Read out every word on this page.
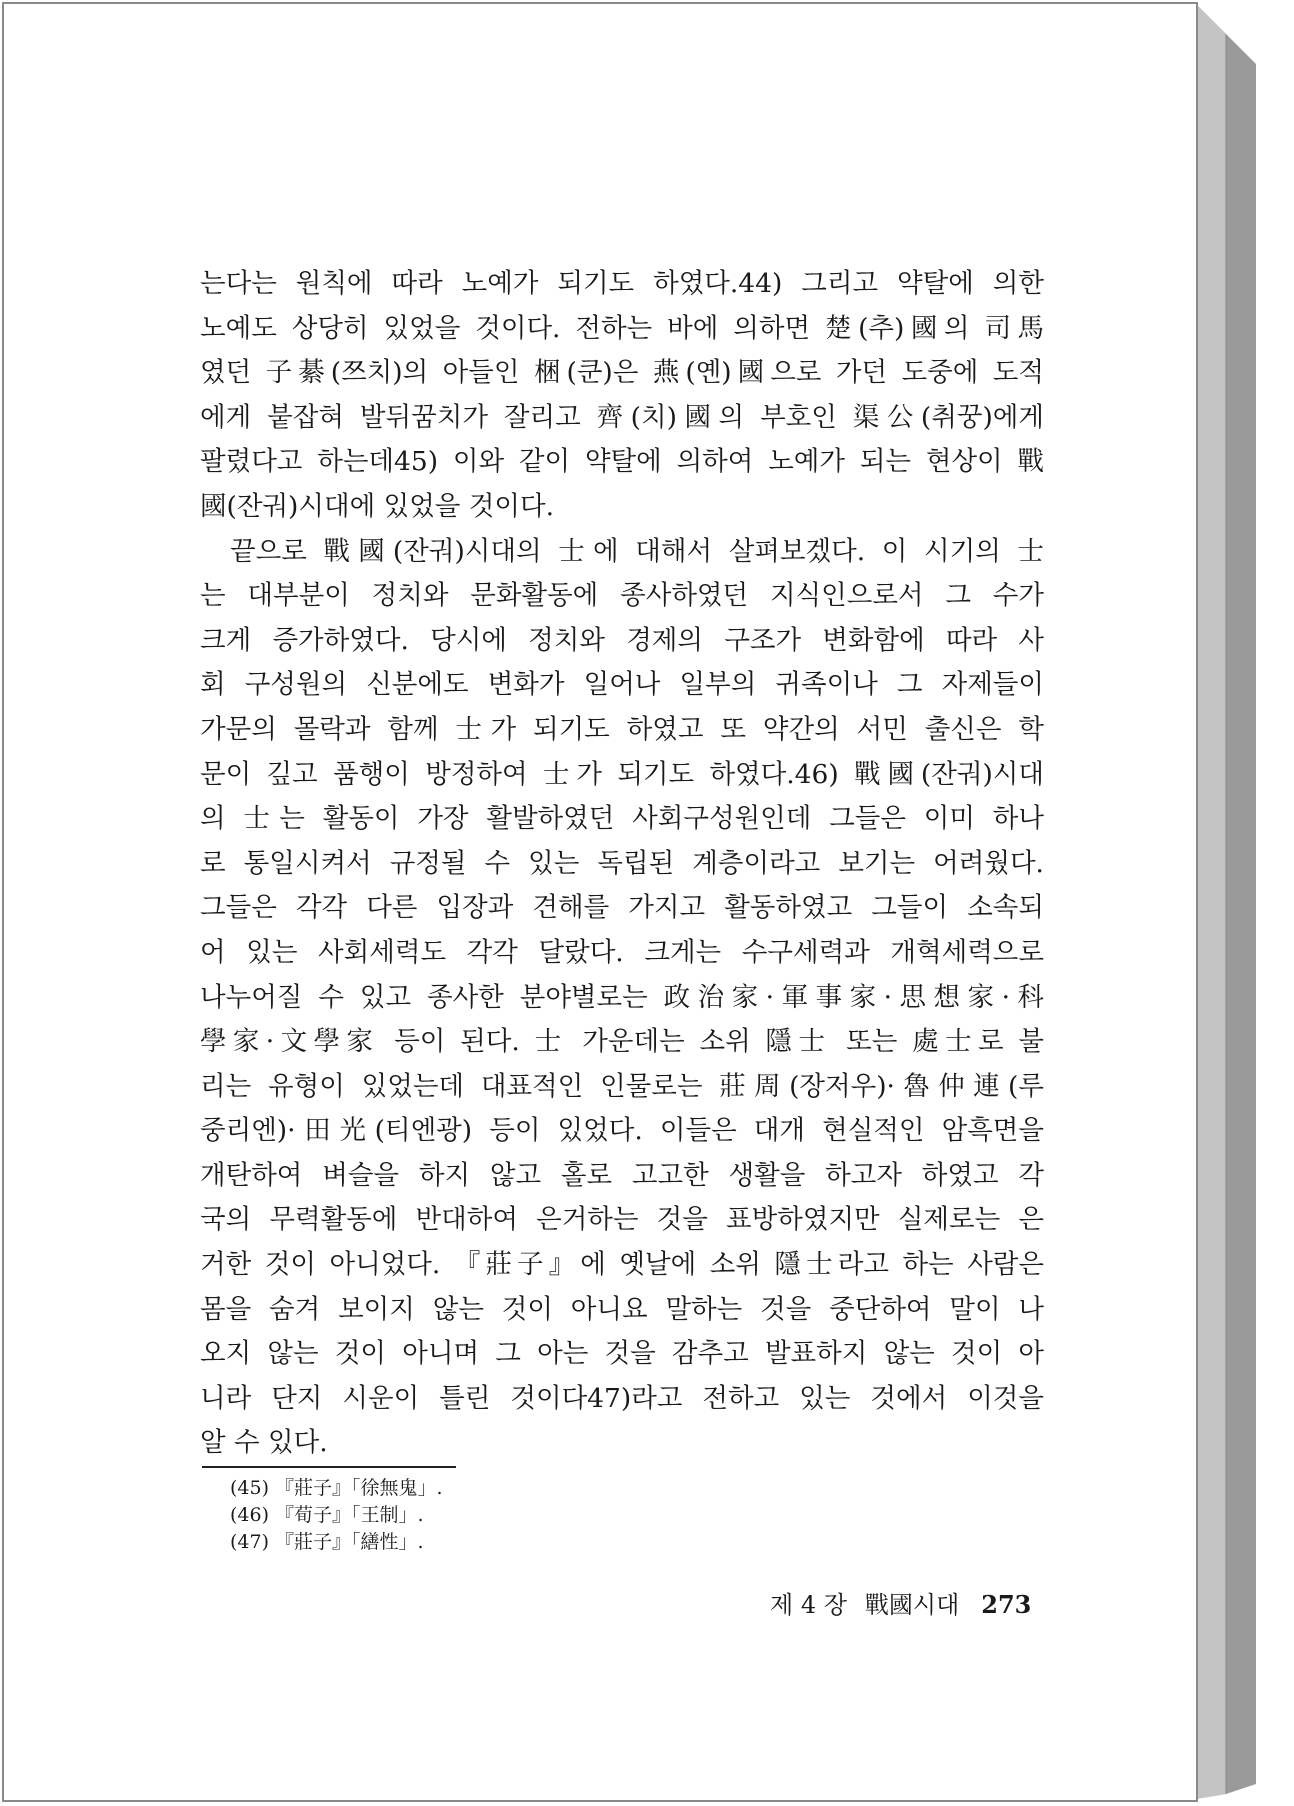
는다는 원칙에 따라 노예가 되기도 하였다.44) 그리고 약탈에 의한
노예도 상당히 있었을 것이다. 전하는 바에 의하면 楚(추)國의 司馬
였던 子綦(쯔치)의 아들인 梱(쿤)은 燕(옌)國으로 가던 도중에 도적
에게 붙잡혀 발뒤꿈치가 잘리고 齊(치)國의 부호인 渠公(취꿍)에게
팔렸다고 하는데45) 이와 같이 약탈에 의하여 노예가 되는 현상이 戰
國(잔궈)시대에 있었을 것이다.
끝으로 戰國(잔궈)시대의 士에 대해서 살펴보겠다. 이 시기의 士
는 대부분이 정치와 문화활동에 종사하였던 지식인으로서 그 수가
크게 증가하였다. 당시에 정치와 경제의 구조가 변화함에 따라 사
회 구성원의 신분에도 변화가 일어나 일부의 귀족이나 그 자제들이
가문의 몰락과 함께 士가 되기도 하였고 또 약간의 서민 출신은 학
문이 깊고 품행이 방정하여 士가 되기도 하였다.46) 戰國(잔궈)시대
의 士는 활동이 가장 활발하였던 사회구성원인데 그들은 이미 하나
로 통일시켜서 규정될 수 있는 독립된 계층이라고 보기는 어려웠다.
그들은 각각 다른 입장과 견해를 가지고 활동하였고 그들이 소속되
어 있는 사회세력도 각각 달랐다. 크게는 수구세력과 개혁세력으로
나누어질 수 있고 종사한 분야별로는 政治家·軍事家·思想家·科
學家·文學家 등이 된다. 士 가운데는 소위 隱士 또는 處士로 불
리는 유형이 있었는데 대표적인 인물로는 莊周(장저우)·魯仲連(루
중리엔)·田光(티엔광) 등이 있었다. 이들은 대개 현실적인 암흑면을
개탄하여 벼슬을 하지 않고 홀로 고고한 생활을 하고자 하였고 각
국의 무력활동에 반대하여 은거하는 것을 표방하였지만 실제로는 은
거한 것이 아니었다. 『莊子』에 옛날에 소위 隱士라고 하는 사람은
몸을 숨겨 보이지 않는 것이 아니요 말하는 것을 중단하여 말이 나
오지 않는 것이 아니며 그 아는 것을 감추고 발표하지 않는 것이 아
니라 단지 시운이 틀린 것이다47)라고 전하고 있는 것에서 이것을
알 수 있다.
(45) 『莊子』「徐無鬼」.
(46) 『荀子』「王制」.
(47) 『莊子』「繕性」.
제 4 장 戰國시대 273
